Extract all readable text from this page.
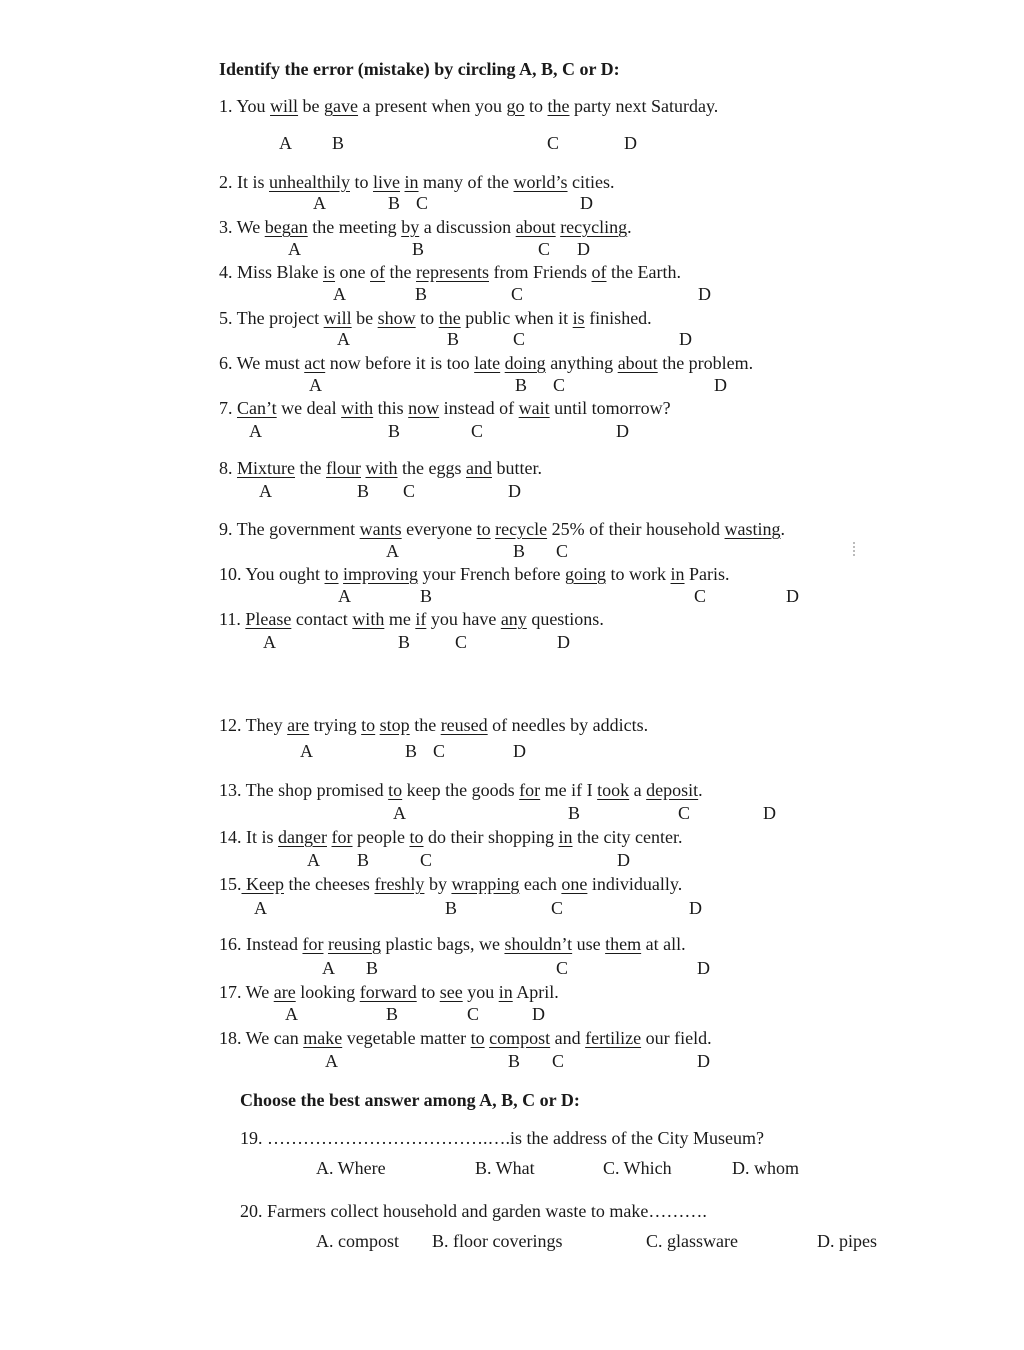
Identify the error (mistake) by circling A, B, C or D:
1. You will be gave a present when you go to the party next Saturday.
A B	C	D
2. It is unhealthily to live in many of the world’s cities.
A	B C	D
3. We began the meeting by a discussion about recycling.
A	B	C D
4. Miss Blake is one of the represents from Friends of the Earth.
A	B	C	D
5. The project will be show to the public when it is finished.
A	B	C	D
6. We must act now before it is too late doing anything about the problem.
A	B C	D
7. Can’t we deal with this now instead of wait until tomorrow?
A	B	C	D
8. Mixture the flour with the eggs and butter.
A	B C	D
9. The government wants everyone to recycle 25% of their household wasting.
A	B C
10. You ought to improving your French before going to work in Paris.
A	B	C	D
11. Please contact with me if you have any questions.
A	B C	D
12. They are trying to stop the reused of needles by addicts.
A	B C	D
13. The shop promised to keep the goods for me if I took a deposit.
A	B	C	D
14. It is danger for people to do their shopping in the city center.
A B	C	D
15. Keep the cheeses freshly by wrapping each one individually.
A	B	C	D
16. Instead for reusing plastic bags, we shouldn’t use them at all.
A B	C	D
17. We are looking forward to see you in April.
A	B	C	D
18. We can make vegetable matter to compost and fertilize our field.
A	B C	D
Choose the best answer among A, B, C or D:
19. ……………………………….….is the address of the City Museum?
A. Where	B. What	C. Which	D. whom
20. Farmers collect household and garden waste to make……….
A. compost B. floor coverings	C. glassware	D. pipes
